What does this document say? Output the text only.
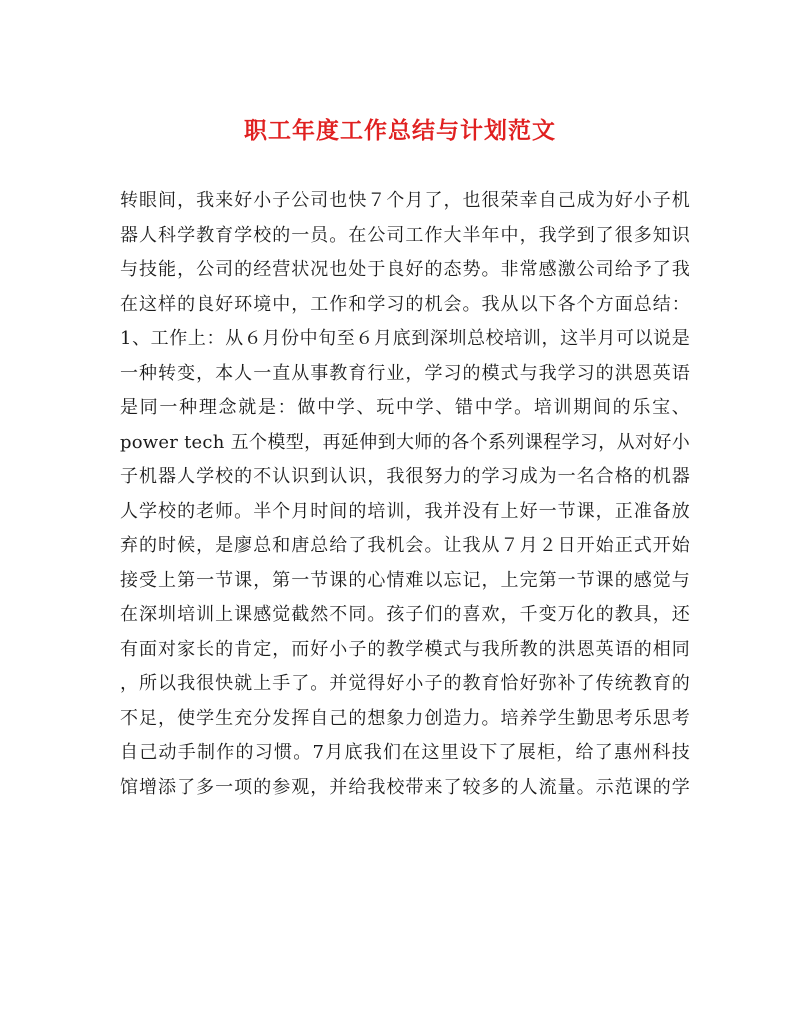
职工年度工作总结与计划范文
转眼间，我来好小子公司也快７个月了，也很荣幸自己成为好小子机
器人科学教育学校的一员。在公司工作大半年中，我学到了很多知识
与技能，公司的经营状况也处于良好的态势。非常感激公司给予了我
在这样的良好环境中，工作和学习的机会。我从以下各个方面总结：
1、工作上：从６月份中旬至６月底到深圳总校培训，这半月可以说是
一种转变，本人一直从事教育行业，学习的模式与我学习的洪恩英语
是同一种理念就是：做中学、玩中学、错中学。培训期间的乐宝、
power tech 五个模型，再延伸到大师的各个系列课程学习，从对好小
子机器人学校的不认识到认识，我很努力的学习成为一名合格的机器
人学校的老师。半个月时间的培训，我并没有上好一节课，正准备放
弃的时候，是廖总和唐总给了我机会。让我从７月２日开始正式开始
接受上第一节课，第一节课的心情难以忘记，上完第一节课的感觉与
在深圳培训上课感觉截然不同。孩子们的喜欢，千变万化的教具，还
有面对家长的肯定，而好小子的教学模式与我所教的洪恩英语的相同
，所以我很快就上手了。并觉得好小子的教育恰好弥补了传统教育的
不足，使学生充分发挥自己的想象力创造力。培养学生勤思考乐思考
自己动手制作的习惯。7月底我们在这里设下了展柜，给了惠州科技
馆增添了多一项的参观，并给我校带来了较多的人流量。示范课的学
